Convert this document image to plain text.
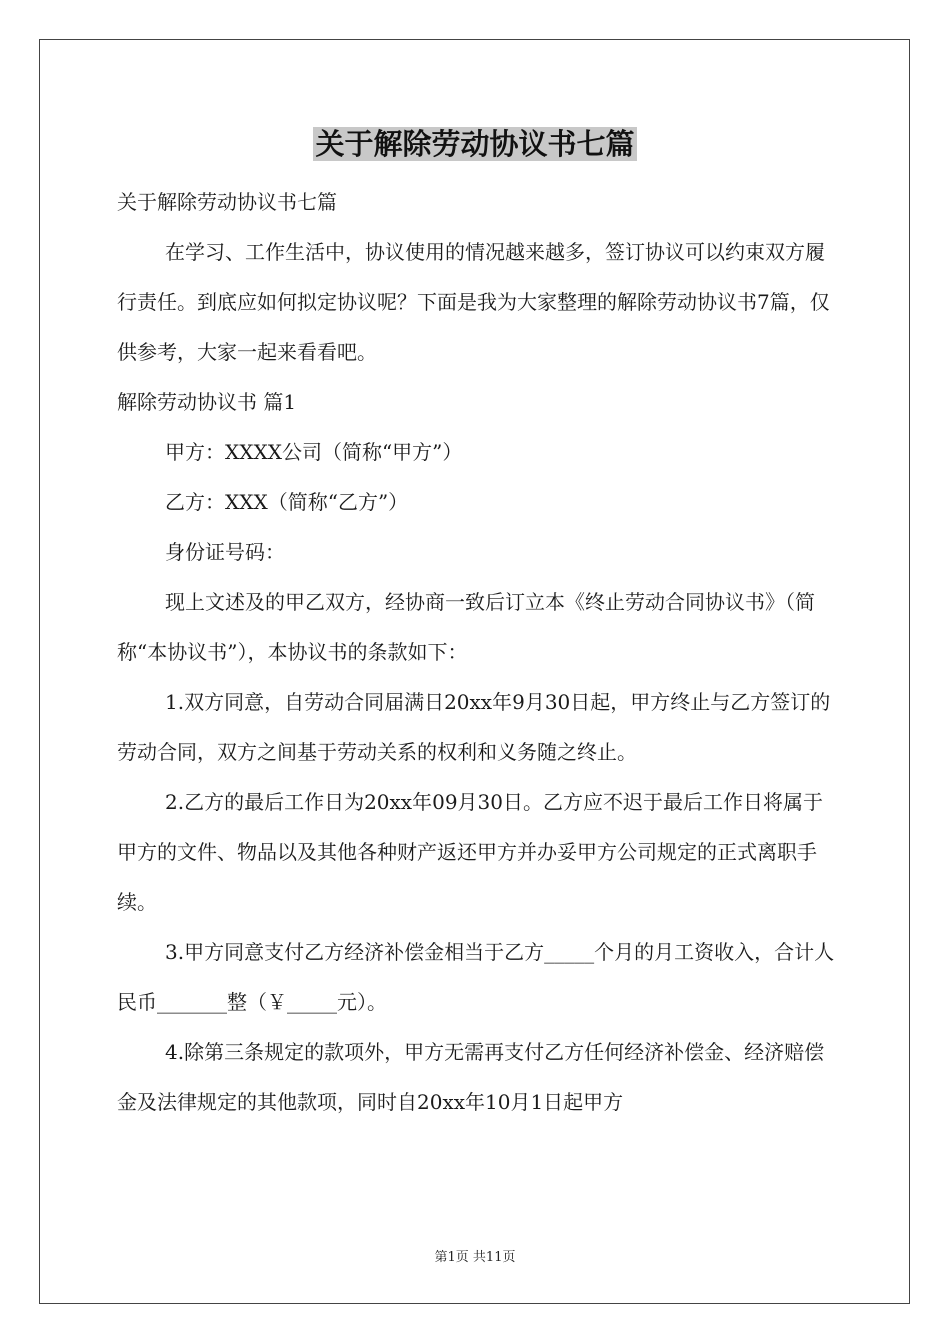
关于解除劳动协议书七篇

关于解除劳动协议书七篇

在学习、工作生活中，协议使用的情况越来越多，签订协议可以约束双方履行责任。到底应如何拟定协议呢？下面是我为大家整理的解除劳动协议书7篇，仅供参考，大家一起来看看吧。

解除劳动协议书 篇1

甲方：XXXX公司（简称“甲方”）

乙方：XXX（简称“乙方”）

身份证号码：

现上文述及的甲乙双方，经协商一致后订立本《终止劳动合同协议书》（简称“本协议书”），本协议书的条款如下：

1.双方同意，自劳动合同届满日20xx年9月30日起，甲方终止与乙方签订的劳动合同，双方之间基于劳动关系的权利和义务随之终止。

2.乙方的最后工作日为20xx年09月30日。乙方应不迟于最后工作日将属于甲方的文件、物品以及其他各种财产返还甲方并办妥甲方公司规定的正式离职手续。

3.甲方同意支付乙方经济补偿金相当于乙方_____个月的月工资收入，合计人民币_______整（￥_____元）。

4.除第三条规定的款项外，甲方无需再支付乙方任何经济补偿金、经济赔偿金及法律规定的其他款项，同时自20xx年10月1日起甲方

第1页 共11页
